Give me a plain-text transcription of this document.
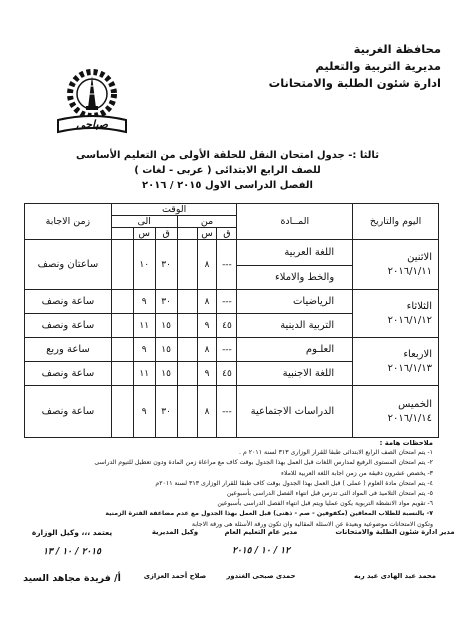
محافظة الغربية
مديرية التربية والتعليم
ادارة شئون الطلبة والامتحانات
صباحى
ثالثا :- جدول امتحان النقل للحلقة الأولى من التعليم الأساسى
للصف الرابع الابتدائى ( عربى - لغات )
الفصل الدراسى الاول ٢٠١٥ / ٢٠١٦
اليوم والتاريخ	المــادة	الوقت						زمن الاجابة
		من			الى			
		ق	س		ق	س		

الاثنين
٢٠١٦/١/١١	اللغة العربية	---	٨		٣٠	١٠		ساعتان ونصف
	والخط والاملاء							

الثلاثاء
٢٠١٦/١/١٢	الرياضيات	---	٨		٣٠	٩		ساعة ونصف
	التربية الدينية	٤٥	٩		١٥	١١		ساعة ونصف

الاربعاء
٢٠١٦/١/١٣	العلـوم	---	٨		١٥	٩		ساعة وربع
	اللغة الاجنبية	٤٥	٩		١٥	١١		ساعة ونصف

الخميس
٢٠١٦/١/١٤	الدراسات الاجتماعية	---	٨		٣٠	٩		ساعة ونصف
ملاحظات هامة :
١- يتم امتحان الصف الرابع الابتدائى طبقا للقرار الوزارى ٣١٣ لسنة ٢٠١١ م .
٢- يتم امتحان المستوى الرفيع لمدارس اللغات قبل العمل بهذا الجدول بوقت كاف مع مراعاة زمن المادة ودون تعطيل للتيوم الدراسى
٣- يخصص عشرون دقيقة من زمن اجابة اللغة العربية للاملاء
٤- يتم امتحان مادة العلوم ( عملى ) قبل العمل بهذا الجدول بوقت كاف طبقا للقرار الوزارى ٣١٣ لسنة ٢٠١١م
٥- يتم امتحان التلاميذ فى المواد التى تدرس قبل انتهاء الفصل الدراسى بأسبوعين
٦- تقويم مواد الانشطة التربوية يكون عمليا ويتم قبل انتهاء الفصل الدراسى بأسبوعين
٧- بالنسبة للطلاب المعاقين (مكفوفين - صم - ذهنى) قبل العمل بهذا الجدول مع عدم مضاعفة الفترة الزمنية
وتكون الامتحانات موضوعية وبعيدة عن الاسئلة المقالية وان تكون ورقة الأسئلة هى ورقة الاجابة
مدير ادارة شئون الطلبة والامتحانات
محمد عبد الهادى عبد ربه
مدير عام التعليم العام
١٢ / ١٠ / ٢٠١٥
حمدى صبحى الغندور
وكيل المديرية
صلاح أحمد العزازى
يعتمد ،،، وكيل الوزارة
٢٠١٥ / ١٠ / ١٣
أ/ فريدة مجاهد السيد
